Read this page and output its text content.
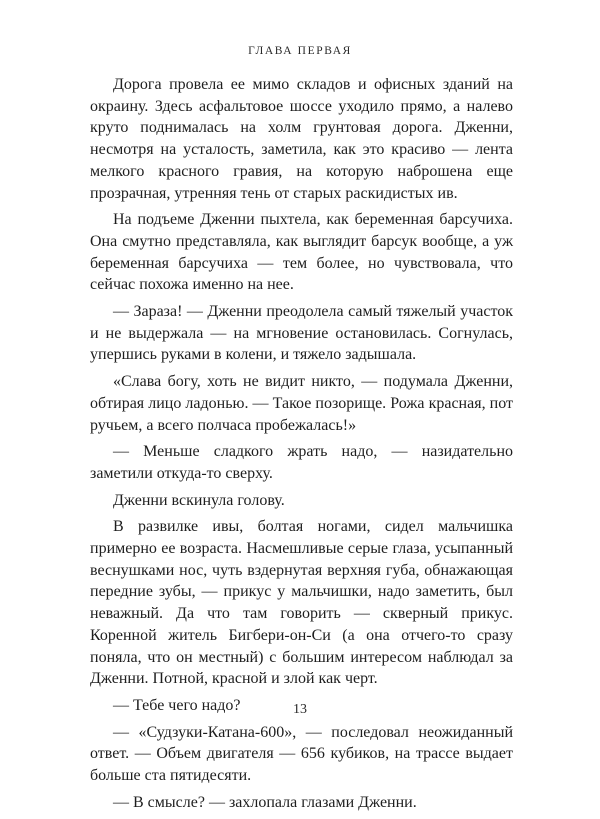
ГЛАВА ПЕРВАЯ

Дорога провела ее мимо складов и офисных зданий на окраину. Здесь асфальтовое шоссе уходило прямо, а налево круто поднималась на холм грунтовая дорога. Дженни, несмотря на усталость, заметила, как это красиво — лента мелкого красного гравия, на которую наброшена еще прозрачная, утренняя тень от старых раскидистых ив.

На подъеме Дженни пыхтела, как беременная барсучиха. Она смутно представляла, как выглядит барсук вообще, а уж беременная барсучиха — тем более, но чувствовала, что сейчас похожа именно на нее.

— Зараза! — Дженни преодолела самый тяжелый участок и не выдержала — на мгновение остановилась. Согнулась, упершись руками в колени, и тяжело задышала.

«Слава богу, хоть не видит никто, — подумала Дженни, обтирая лицо ладонью. — Такое позорище. Рожа красная, пот ручьем, а всего полчаса пробежалась!»

— Меньше сладкого жрать надо, — назидательно заметили откуда-то сверху.

Дженни вскинула голову.

В развилке ивы, болтая ногами, сидел мальчишка примерно ее возраста. Насмешливые серые глаза, усыпанный веснушками нос, чуть вздернутая верхняя губа, обнажающая передние зубы, — прикус у мальчишки, надо заметить, был неважный. Да что там говорить — скверный прикус. Коренной житель Бигбери-он-Си (а она отчего-то сразу поняла, что он местный) с большим интересом наблюдал за Дженни. Потной, красной и злой как черт.

— Тебе чего надо?

— «Судзуки-Катана-600», — последовал неожиданный ответ. — Объем двигателя — 656 кубиков, на трассе выдает больше ста пятидесяти.

— В смысле? — захлопала глазами Дженни.

13
